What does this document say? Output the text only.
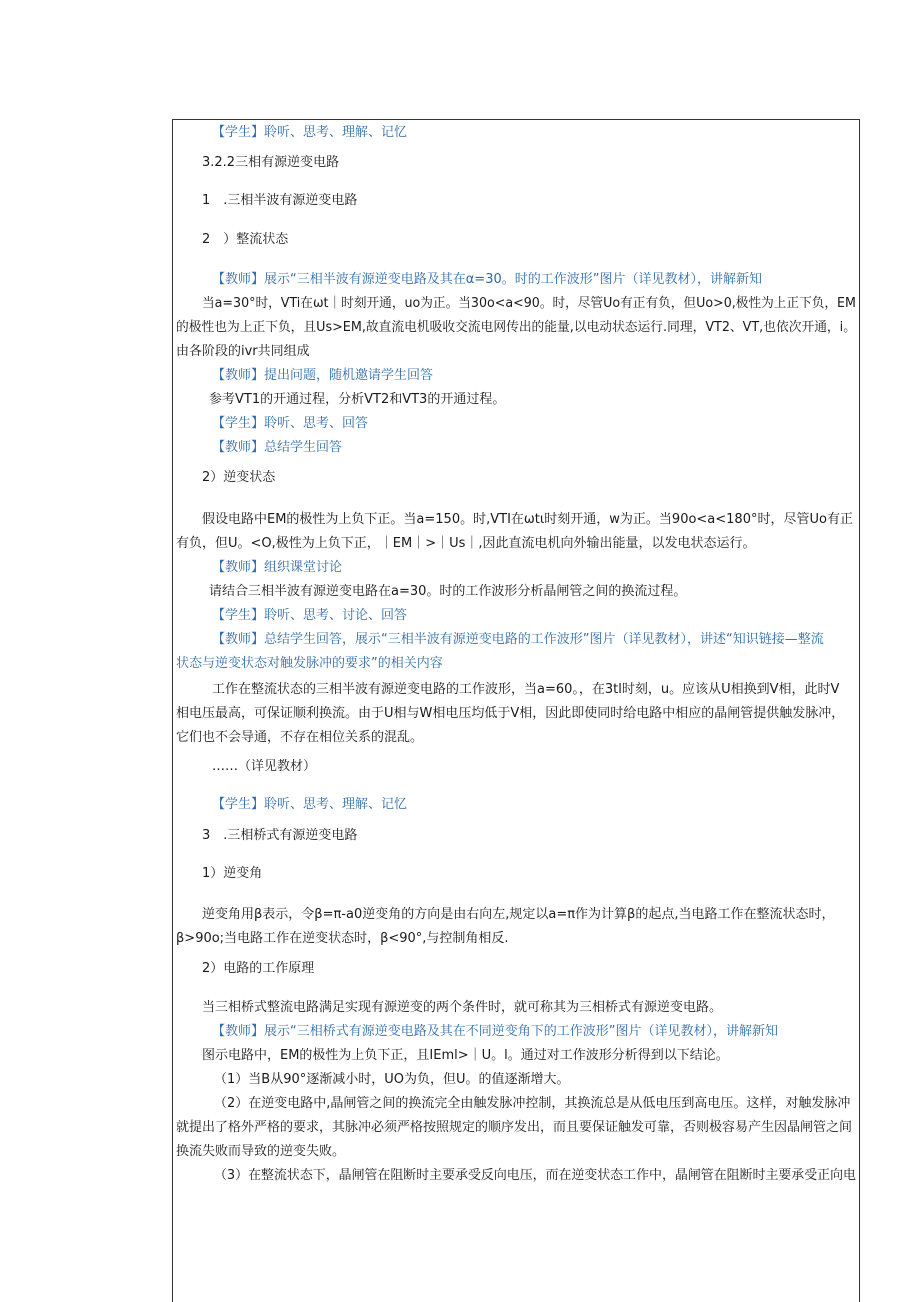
【学生】聆听、思考、理解、记忆
3.2.2三相有源逆变电路
1　.三相半波有源逆变电路
2　）整流状态
【教师】展示“三相半波有源逆变电路及其在α=30。时的工作波形”图片（详见教材），讲解新知
当a=30°时，VTi在ωt｜时刻开通，uo为正。当30o<a<90。时，尽管Uo有正有负，但Uo>0,极性为上正下负，EM
的极性也为上正下负，且Us>EM,故直流电机吸收交流电网传出的能量,以电动状态运行.同理，VT2、VT,也依次开通，i。
由各阶段的ivr共同组成
【教师】提出问题，随机邀请学生回答
参考VT1的开通过程，分析VT2和VT3的开通过程。
【学生】聆听、思考、回答
【教师】总结学生回答
2）逆变状态
假设电路中EM的极性为上负下正。当a=150。时,VTI在ωtι时刻开通，w为正。当90o<a<180°时，尽管Uo有正
有负，但U。<O,极性为上负下正，｜EM｜>｜Us｜,因此直流电机向外输出能量，以发电状态运行。
【教师】组织课堂讨论
请结合三相半波有源逆变电路在a=30。时的工作波形分析晶闸管之间的换流过程。
【学生】聆听、思考、讨论、回答
【教师】总结学生回答，展示“三相半波有源逆变电路的工作波形”图片（详见教材），讲述“知识链接—整流
状态与逆变状态对触发脉冲的要求”的相关内容
工作在整流状态的三相半波有源逆变电路的工作波形，当a=60。，在3tl时刻，u。应该从U相换到V相，此时V
相电压最高，可保证顺利换流。由于U相与W相电压均低于V相，因此即使同时给电路中相应的晶闸管提供触发脉冲，
它们也不会导通，不存在相位关系的混乱。
……（详见教材）
【学生】聆听、思考、理解、记忆
3　.三相桥式有源逆变电路
1）逆变角
逆变角用β表示，令β=π-a0逆变角的方向是由右向左,规定以a=π作为计算β的起点,当电路工作在整流状态时，
β>90o;当电路工作在逆变状态时，β<90°,与控制角相反.
2）电路的工作原理
当三相桥式整流电路满足实现有源逆变的两个条件时，就可称其为三相桥式有源逆变电路。
【教师】展示“三相桥式有源逆变电路及其在不同逆变角下的工作波形”图片（详见教材），讲解新知
图示电路中，EM的极性为上负下正，且IEml>｜U。l。通过对工作波形分析得到以下结论。
（1）当B从90°逐渐减小时，UO为负，但U。的值逐渐增大。
（2）在逆变电路中,晶闸管之间的换流完全由触发脉冲控制，其换流总是从低电压到高电压。这样，对触发脉冲
就提出了格外严格的要求，其脉冲必须严格按照规定的顺序发出，而且要保证触发可靠，否则极容易产生因晶闸管之间
换流失败而导致的逆变失败。
（3）在整流状态下，晶闸管在阻断时主要承受反向电压，而在逆变状态工作中，晶闸管在阻断时主要承受正向电
